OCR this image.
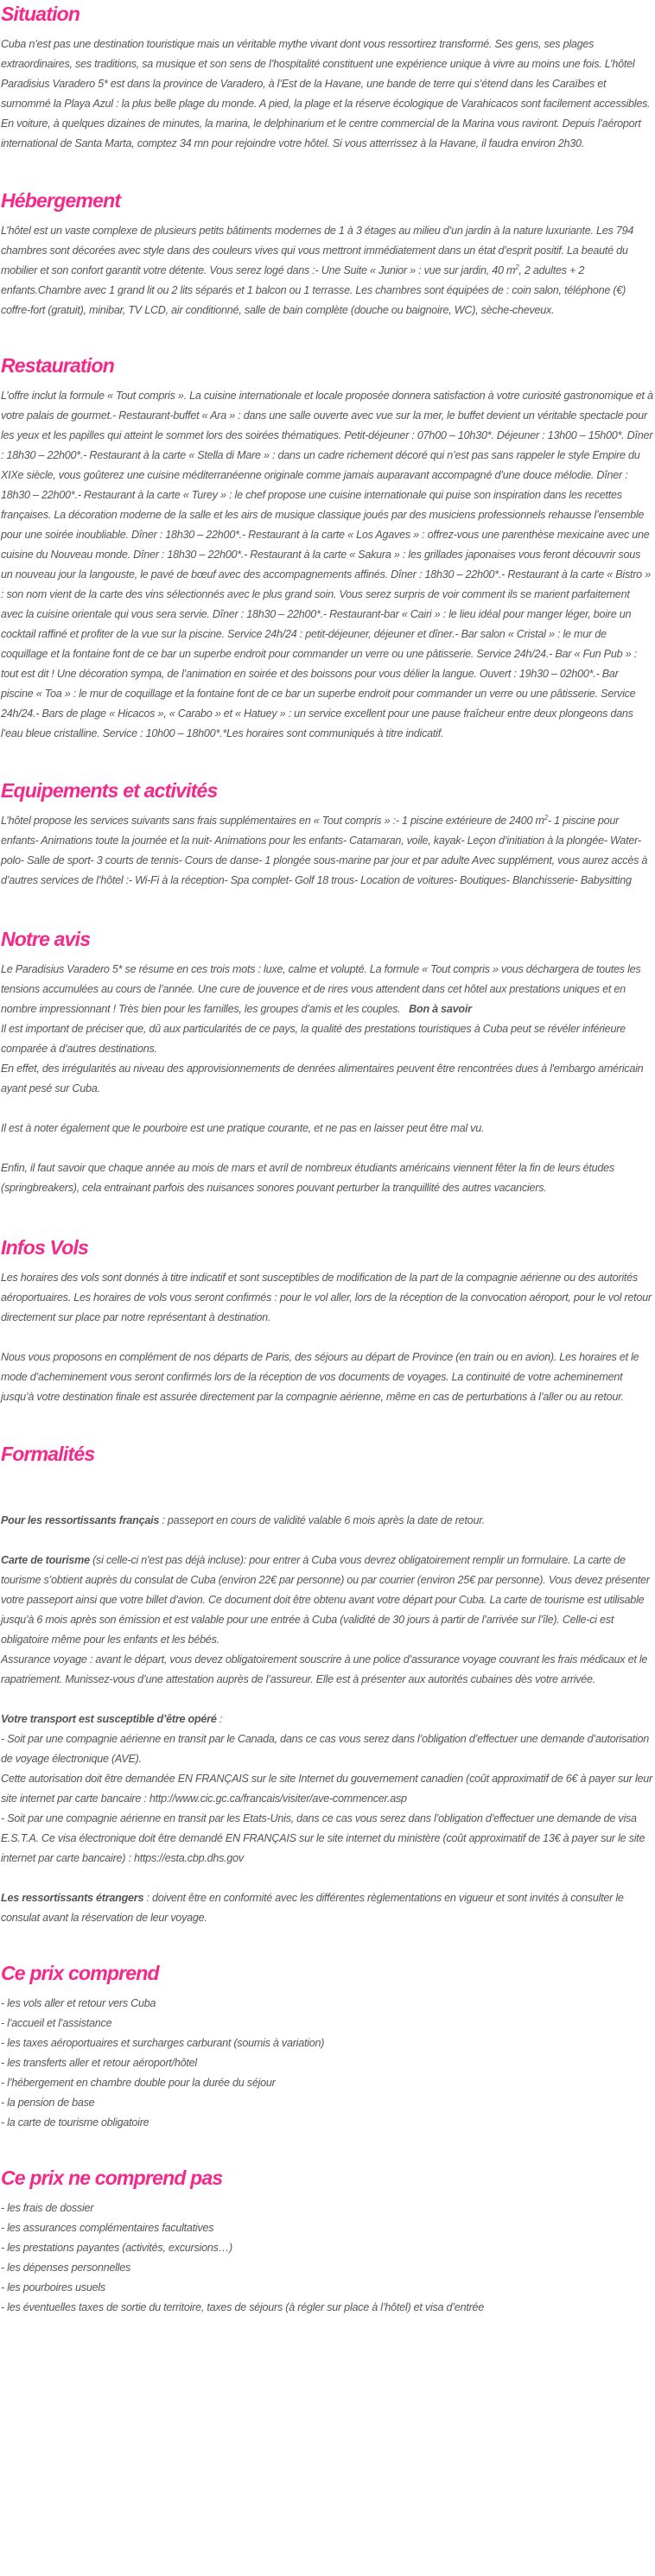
Situation

Cuba n’est pas une destination touristique mais un véritable mythe vivant dont vous ressortirez transformé. Ses gens, ses plages extraordinaires, ses traditions, sa musique et son sens de l’hospitalité constituent une expérience unique à vivre au moins une fois. L’hôtel Paradisius Varadero 5* est dans la province de Varadero, à l’Est de la Havane, une bande de terre qui s’étend dans les Caraïbes et surnommé la Playa Azul : la plus belle plage du monde. A pied, la plage et la réserve écologique de Varahicacos sont facilement accessibles. En voiture, à quelques dizaines de minutes, la marina, le delphinarium et le centre commercial de la Marina vous raviront. Depuis l’aéroport international de Santa Marta, comptez 34 mn pour rejoindre votre hôtel. Si vous atterrissez à la Havane, il faudra environ 2h30.

Hébergement

L’hôtel est un vaste complexe de plusieurs petits bâtiments modernes de 1 à 3 étages au milieu d’un jardin à la nature luxuriante. Les 794 chambres sont décorées avec style dans des couleurs vives qui vous mettront immédiatement dans un état d’esprit positif. La beauté du mobilier et son confort garantit votre détente. Vous serez logé dans :- Une Suite « Junior » : vue sur jardin, 40 $m^2$, 2 adultes + 2 enfants.Chambre avec 1 grand lit ou 2 lits séparés et 1 balcon ou 1 terrasse. Les chambres sont équipées de : coin salon, téléphone (€) coffre-fort (gratuit), minibar, TV LCD, air conditionné, salle de bain complète (douche ou baignoire, WC), sèche-cheveux.

Restauration

L’offre inclut la formule « Tout compris ». La cuisine internationale et locale proposée donnera satisfaction à votre curiosité gastronomique et à votre palais de gourmet.- Restaurant-buffet « Ara » : dans une salle ouverte avec vue sur la mer, le buffet devient un véritable spectacle pour les yeux et les papilles qui atteint le sommet lors des soirées thématiques. Petit-déjeuner : 07h00 – 10h30*. Déjeuner : 13h00 – 15h00*. Dîner : 18h30 – 22h00*.- Restaurant à la carte « Stella di Mare » : dans un cadre richement décoré qui n’est pas sans rappeler le style Empire du XIXe siècle, vous goûterez une cuisine méditerranéenne originale comme jamais auparavant accompagné d’une douce mélodie. Dîner : 18h30 – 22h00*.- Restaurant à la carte « Turey » : le chef propose une cuisine internationale qui puise son inspiration dans les recettes françaises. La décoration moderne de la salle et les airs de musique classique joués par des musiciens professionnels rehausse l’ensemble pour une soirée inoubliable. Dîner : 18h30 – 22h00*.- Restaurant à la carte « Los Agaves » : offrez-vous une parenthèse mexicaine avec une cuisine du Nouveau monde. Dîner : 18h30 – 22h00*.- Restaurant à la carte « Sakura » : les grillades japonaises vous feront découvrir sous un nouveau jour la langouste, le pavé de bœuf avec des accompagnements affinés. Dîner : 18h30 – 22h00*.- Restaurant à la carte « Bistro » : son nom vient de la carte des vins sélectionnés avec le plus grand soin. Vous serez surpris de voir comment ils se marient parfaitement avec la cuisine orientale qui vous sera servie. Dîner : 18h30 – 22h00*.- Restaurant-bar « Cairi » : le lieu idéal pour manger léger, boire un cocktail raffiné et profiter de la vue sur la piscine. Service 24h/24 : petit-déjeuner, déjeuner et dîner.- Bar salon « Cristal » : le mur de coquillage et la fontaine font de ce bar un superbe endroit pour commander un verre ou une pâtisserie. Service 24h/24.- Bar « Fun Pub » : tout est dit ! Une décoration sympa, de l’animation en soirée et des boissons pour vous délier la langue. Ouvert : 19h30 – 02h00*.- Bar piscine « Toa » : le mur de coquillage et la fontaine font de ce bar un superbe endroit pour commander un verre ou une pâtisserie. Service 24h/24.- Bars de plage « Hicacos », « Carabo » et « Hatuey » : un service excellent pour une pause fraîcheur entre deux plongeons dans l’eau bleue cristalline. Service : 10h00 – 18h00*.*Les horaires sont communiqués à titre indicatif.

Equipements et activités

L’hôtel propose les services suivants sans frais supplémentaires en « Tout compris » :- 1 piscine extérieure de 2400 $m^2-$ 1 piscine pour enfants- Animations toute la journée et la nuit- Animations pour les enfants- Catamaran, voile, kayak- Leçon d’initiation à la plongée- Water-polo- Salle de sport- 3 courts de tennis- Cours de danse- 1 plongée sous-marine par jour et par adulte Avec supplément, vous aurez accès à d’autres services de l’hôtel :- Wi-Fi à la réception- Spa complet- Golf 18 trous- Location de voitures- Boutiques- Blanchisserie- Babysitting

Notre avis

Le Paradisius Varadero 5* se résume en ces trois mots : luxe, calme et volupté. La formule « Tout compris » vous déchargera de toutes les tensions accumulées au cours de l’année. Une cure de jouvence et de rires vous attendent dans cet hôtel aux prestations uniques et en nombre impressionnant ! Très bien pour les familles, les groupes d’amis et les couples. Bon à savoir

Il est important de préciser que, dû aux particularités de ce pays, la qualité des prestations touristiques à Cuba peut se révéler inférieure comparée à d’autres destinations.

En effet, des irrégularités au niveau des approvisionnements de denrées alimentaires peuvent être rencontrées dues à l'embargo américain ayant pesé sur Cuba.

Il est à noter également que le pourboire est une pratique courante, et ne pas en laisser peut être mal vu.

Enfin, il faut savoir que chaque année au mois de mars et avril de nombreux étudiants américains viennent fêter la fin de leurs études (springbreakers), cela entrainant parfois des nuisances sonores pouvant perturber la tranquillité des autres vacanciers.

Infos Vols

Les horaires des vols sont donnés à titre indicatif et sont susceptibles de modification de la part de la compagnie aérienne ou des autorités aéroportuaires. Les horaires de vols vous seront confirmés : pour le vol aller, lors de la réception de la convocation aéroport, pour le vol retour directement sur place par notre représentant à destination.

Nous vous proposons en complément de nos départs de Paris, des séjours au départ de Province (en train ou en avion). Les horaires et le mode d’acheminement vous seront confirmés lors de la réception de vos documents de voyages. La continuité de votre acheminement jusqu’à votre destination finale est assurée directement par la compagnie aérienne, même en cas de perturbations à l’aller ou au retour.

Formalités

Pour les ressortissants français : passeport en cours de validité valable 6 mois après la date de retour.

Carte de tourisme (si celle-ci n'est pas déjà incluse): pour entrer à Cuba vous devrez obligatoirement remplir un formulaire. La carte de tourisme s’obtient auprès du consulat de Cuba (environ 22€ par personne) ou par courrier (environ 25€ par personne). Vous devez présenter votre passeport ainsi que votre billet d’avion. Ce document doit être obtenu avant votre départ pour Cuba. La carte de tourisme est utilisable jusqu’à 6 mois après son émission et est valable pour une entrée à Cuba (validité de 30 jours à partir de l’arrivée sur l’île). Celle-ci est obligatoire même pour les enfants et les bébés.

Assurance voyage : avant le départ, vous devez obligatoirement souscrire à une police d’assurance voyage couvrant les frais médicaux et le rapatriement. Munissez-vous d’une attestation auprès de l’assureur. Elle est à présenter aux autorités cubaines dès votre arrivée.

Votre transport est susceptible d’être opéré :

- Soit par une compagnie aérienne en transit par le Canada, dans ce cas vous serez dans l’obligation d’effectuer une demande d’autorisation de voyage électronique (AVE).

Cette autorisation doit être demandée EN FRANÇAIS sur le site Internet du gouvernement canadien (coût approximatif de 6€ à payer sur leur site internet par carte bancaire : http://www.cic.gc.ca/francais/visiter/ave-commencer.asp

- Soit par une compagnie aérienne en transit par les Etats-Unis, dans ce cas vous serez dans l’obligation d’effectuer une demande de visa E.S.T.A. Ce visa électronique doit être demandé EN FRANÇAIS sur le site internet du ministère (coût approximatif de 13€ à payer sur le site internet par carte bancaire) : https://esta.cbp.dhs.gov

Les ressortissants étrangers : doivent être en conformité avec les différentes règlementations en vigueur et sont invités à consulter le consulat avant la réservation de leur voyage.

Ce prix comprend
- les vols aller et retour vers Cuba
- l’accueil et l’assistance
- les taxes aéroportuaires et surcharges carburant (soumis à variation)
- les transferts aller et retour aéroport/hôtel
- l’hébergement en chambre double pour la durée du séjour
- la pension de base
- la carte de tourisme obligatoire
Ce prix ne comprend pas
- les frais de dossier
- les assurances complémentaires facultatives
- les prestations payantes (activités, excursions…)
- les dépenses personnelles
- les pourboires usuels
- les éventuelles taxes de sortie du territoire, taxes de séjours (à régler sur place à l’hôtel) et visa d’entrée
